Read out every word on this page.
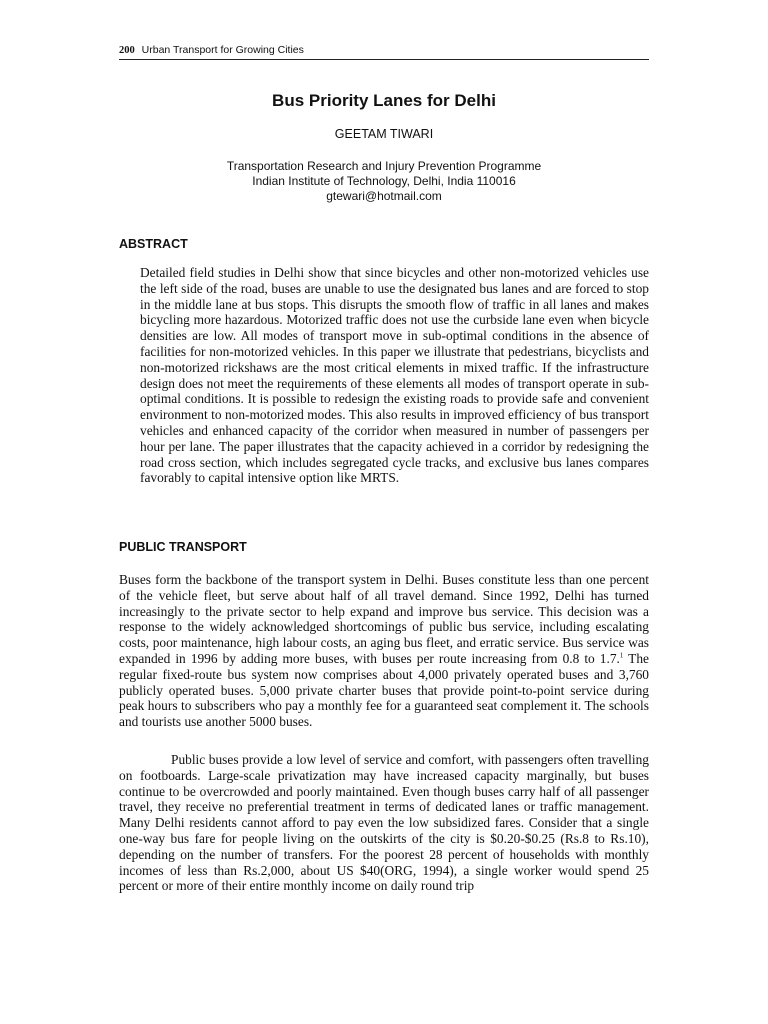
200 Urban Transport for Growing Cities
Bus Priority Lanes for Delhi
GEETAM TIWARI
Transportation Research and Injury Prevention Programme
Indian Institute of Technology, Delhi, India 110016
gtewari@hotmail.com
ABSTRACT

Detailed field studies in Delhi show that since bicycles and other non-motorized vehicles use the left side of the road, buses are unable to use the designated bus lanes and are forced to stop in the middle lane at bus stops. This disrupts the smooth flow of traffic in all lanes and makes bicycling more hazardous. Motorized traffic does not use the curbside lane even when bicycle densities are low. All modes of transport move in sub-optimal conditions in the absence of facilities for non-motorized vehicles. In this paper we illustrate that pedestrians, bicyclists and non-motorized rickshaws are the most critical elements in mixed traffic. If the infrastructure design does not meet the requirements of these elements all modes of transport operate in sub-optimal conditions. It is possible to redesign the existing roads to provide safe and convenient environment to non-motorized modes. This also results in improved efficiency of bus transport vehicles and enhanced capacity of the corridor when measured in number of passengers per hour per lane. The paper illustrates that the capacity achieved in a corridor by redesigning the road cross section, which includes segregated cycle tracks, and exclusive bus lanes compares favorably to capital intensive option like MRTS.

PUBLIC TRANSPORT

Buses form the backbone of the transport system in Delhi. Buses constitute less than one percent of the vehicle fleet, but serve about half of all travel demand. Since 1992, Delhi has turned increasingly to the private sector to help expand and improve bus service. This decision was a response to the widely acknowledged shortcomings of public bus service, including escalating costs, poor maintenance, high labour costs, an aging bus fleet, and erratic service. Bus service was expanded in 1996 by adding more buses, with buses per route increasing from 0.8 to 1.7.$^1$ The regular fixed-route bus system now comprises about 4,000 privately operated buses and 3,760 publicly operated buses. 5,000 private charter buses that provide point-to-point service during peak hours to subscribers who pay a monthly fee for a guaranteed seat complement it. The schools and tourists use another 5000 buses.

Public buses provide a low level of service and comfort, with passengers often travelling on footboards. Large-scale privatization may have increased capacity marginally, but buses continue to be overcrowded and poorly maintained. Even though buses carry half of all passenger travel, they receive no preferential treatment in terms of dedicated lanes or traffic management. Many Delhi residents cannot afford to pay even the low subsidized fares. Consider that a single one-way bus fare for people living on the outskirts of the city is $0.20-$0.25 (Rs.8 to Rs.10), depending on the number of transfers. For the poorest 28 percent of households with monthly incomes of less than Rs.2,000, about US $40(ORG, 1994), a single worker would spend 25 percent or more of their entire monthly income on daily round trip
